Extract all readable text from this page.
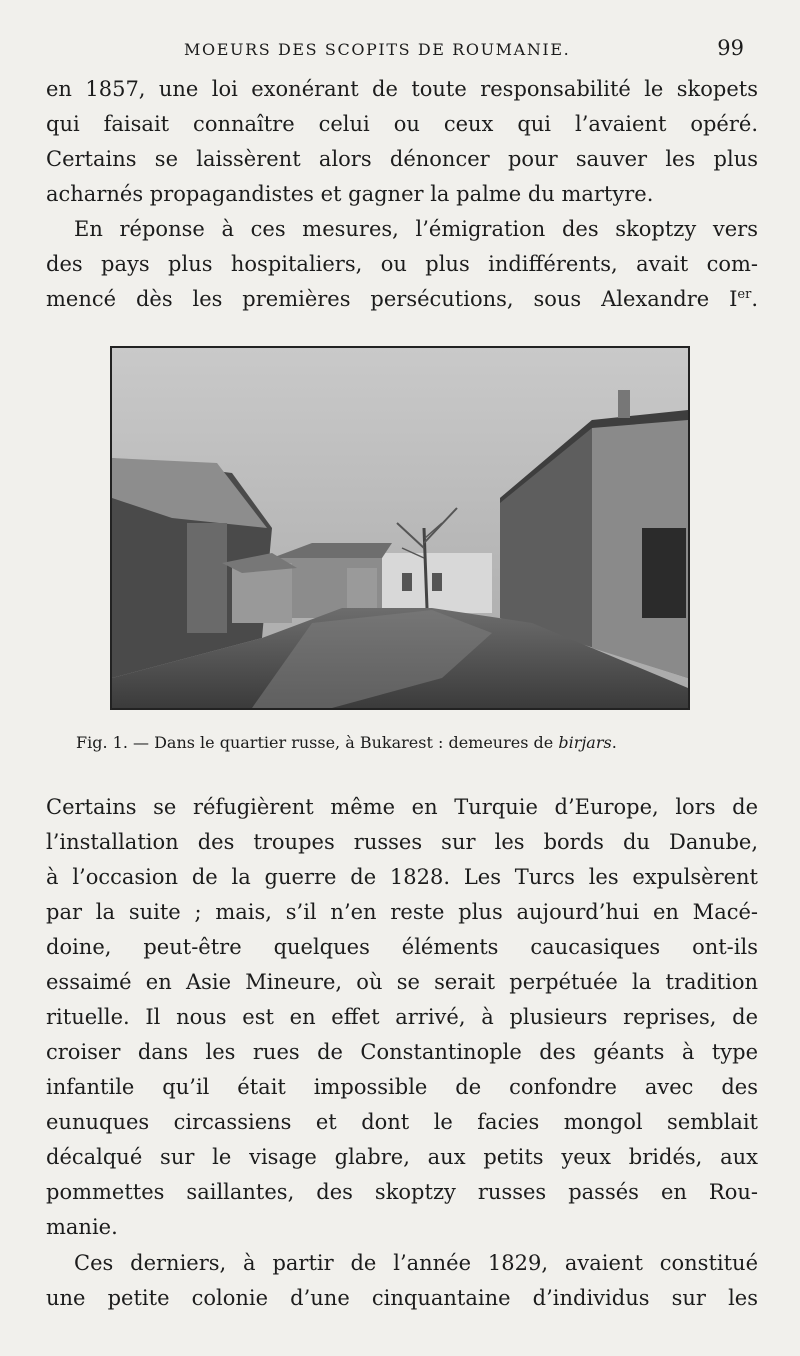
MOEURS DES SCOPITS DE ROUMANIE.	99
en 1857, une loi exonérant de toute responsabilité le skopets
qui faisait connaître celui ou ceux qui l’avaient opéré.
Certains se laissèrent alors dénoncer pour sauver les plus
acharnés propagandistes et gagner la palme du martyre.
En réponse à ces mesures, l’émigration des skoptzy vers
des pays plus hospitaliers, ou plus indifférents, avait com-
mencé dès les premières persécutions, sous Alexandre Ier.
Fig. 1. — Dans le quartier russe, à Bukarest : demeures de birjars.
Certains se réfugièrent même en Turquie d’Europe, lors de
l’installation des troupes russes sur les bords du Danube,
à l’occasion de la guerre de 1828. Les Turcs les expulsèrent
par la suite ; mais, s’il n’en reste plus aujourd’hui en Macé-
doine, peut-être quelques éléments caucasiques ont-ils
essaimé en Asie Mineure, où se serait perpétuée la tradition
rituelle. Il nous est en effet arrivé, à plusieurs reprises, de
croiser dans les rues de Constantinople des géants à type
infantile qu’il était impossible de confondre avec des
eunuques circassiens et dont le facies mongol semblait
décalqué sur le visage glabre, aux petits yeux bridés, aux
pommettes saillantes, des skoptzy russes passés en Rou-
manie.
Ces derniers, à partir de l’année 1829, avaient constitué
une petite colonie d’une cinquantaine d’individus sur les
